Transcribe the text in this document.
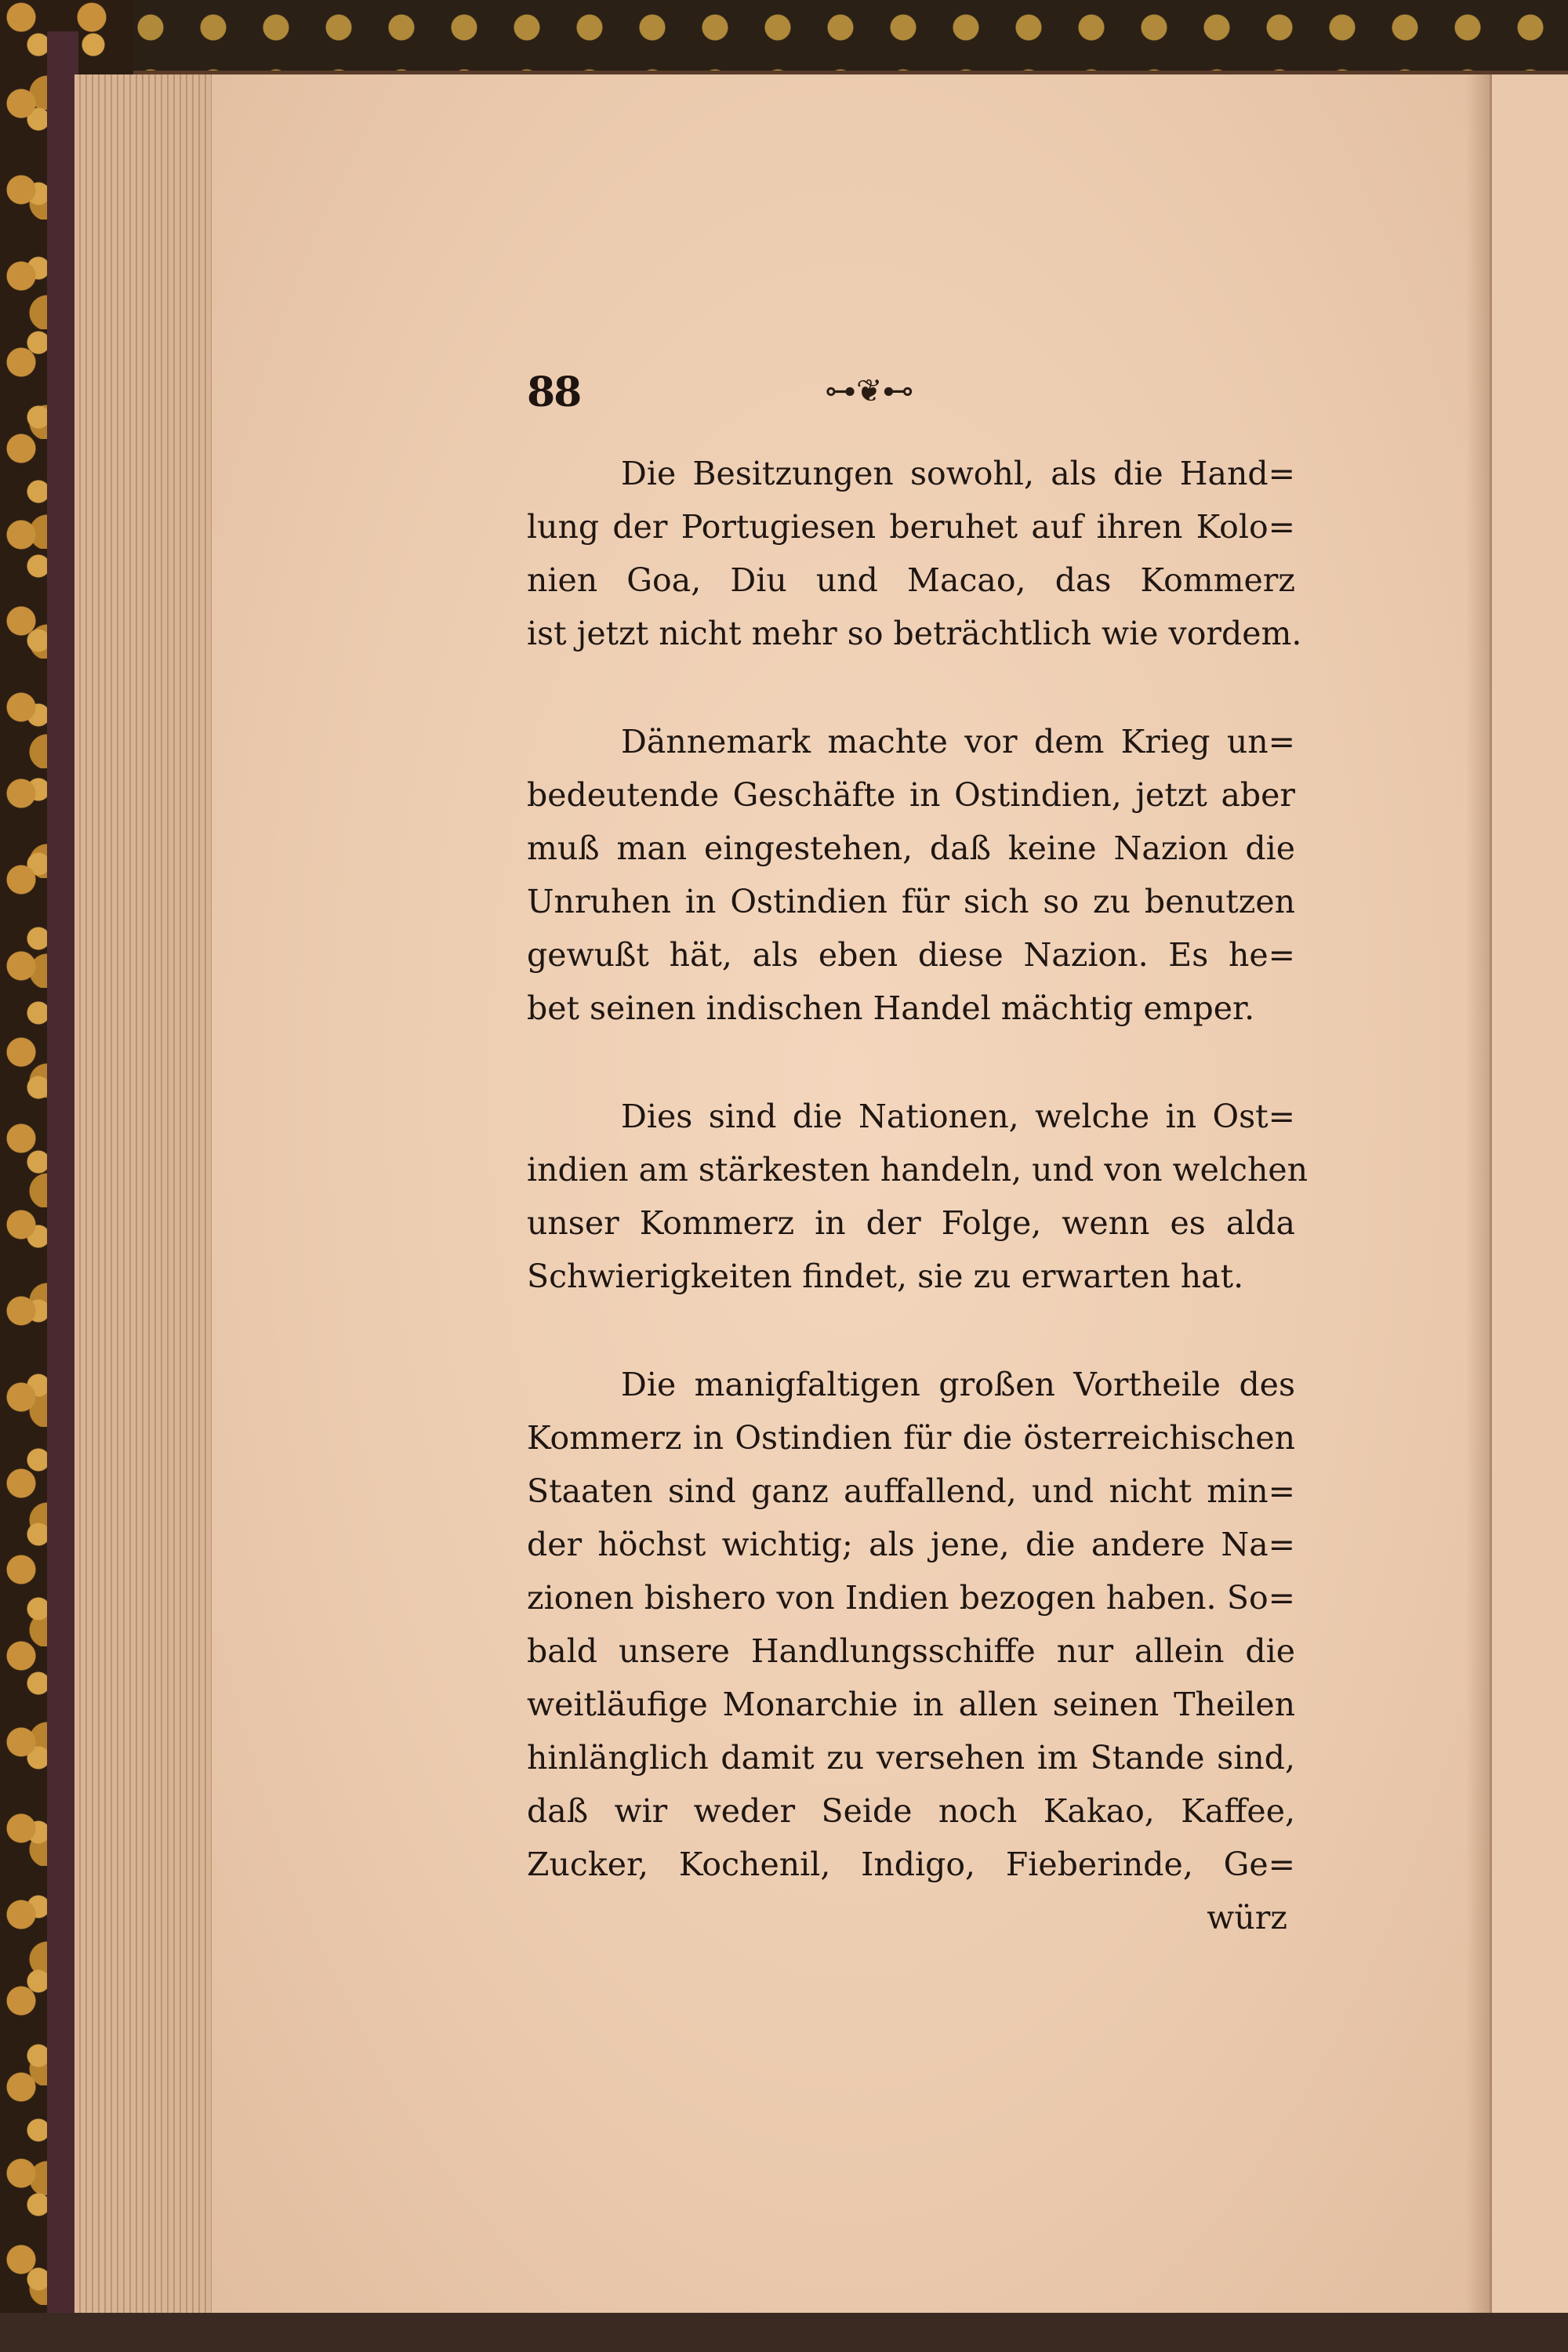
88	⊶❦⊷
Die Besitzungen sowohl, als die Hand=
lung der Portugiesen beruhet auf ihren Kolo=
nien Goa, Diu und Macao, das Kommerz
ist jetzt nicht mehr so beträchtlich wie vordem.
Dännemark machte vor dem Krieg un=
bedeutende Geschäfte in Ostindien, jetzt aber
muß man eingestehen, daß keine Nazion die
Unruhen in Ostindien für sich so zu benutzen
gewußt hät, als eben diese Nazion. Es he=
bet seinen indischen Handel mächtig emper.
Dies sind die Nationen, welche in Ost=
indien am stärkesten handeln, und von welchen
unser Kommerz in der Folge, wenn es alda
Schwierigkeiten findet, sie zu erwarten hat.
Die manigfaltigen großen Vortheile des
Kommerz in Ostindien für die österreichischen
Staaten sind ganz auffallend, und nicht min=
der höchst wichtig; als jene, die andere Na=
zionen bishero von Indien bezogen haben. So=
bald unsere Handlungsschiffe nur allein die
weitläufige Monarchie in allen seinen Theilen
hinlänglich damit zu versehen im Stande sind,
daß wir weder Seide noch Kakao, Kaffee,
Zucker, Kochenil, Indigo, Fieberinde, Ge=
würz
